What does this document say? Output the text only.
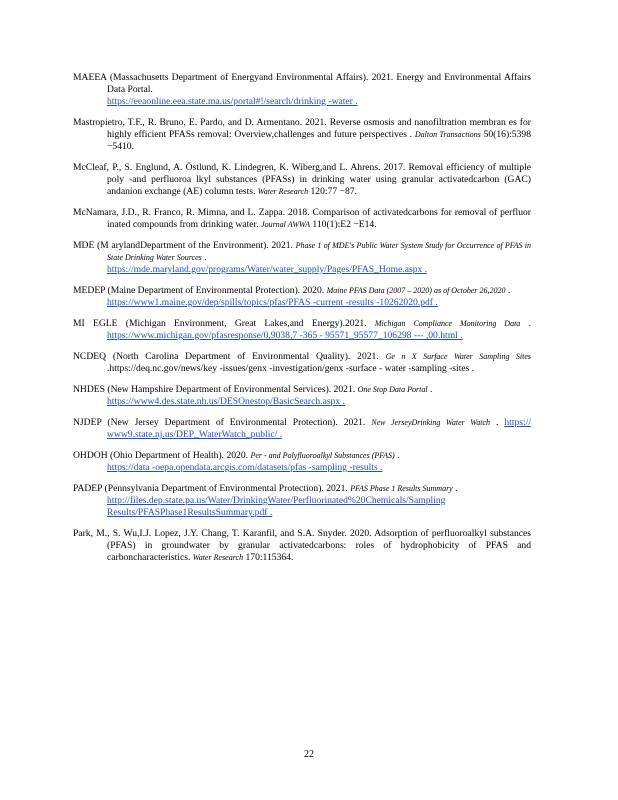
MAEEA (Massachusetts Department of Energyand Environmental Affairs). 2021. Energy and Environmental Affairs Data Portal.
https://eeaonline.eea.state.ma.us/portal#!/search/drinking -water .
Mastropietro, T.F., R. Bruno, E. Pardo, and D. Armentano. 2021. Reverse osmosis and nanofiltration membran es for highly efficient PFASs removal: Overview,challenges and future perspectives . Dalton Transactions 50(16):5398 −5410.
McCleaf, P., S. Englund, A. Östlund, K. Lindegren, K. Wiberg,and L. Ahrens. 2017. Removal efficiency of multiple poly -and perfluoroa lkyl substances (PFASs) in drinking water using granular activatedcarbon (GAC) andanion exchange (AE) column tests. Water Research 120:77 −87.
McNamara, J.D., R. Franco, R. Mimna, and L. Zappa. 2018. Comparison of activatedcarbons for removal of perfluor inated compounds from drinking water. Journal AWWA 110(1):E2 −E14.
MDE (M arylandDepartment of the Environment). 2021. Phase 1 of MDE's Public Water System Study for Occurrence of PFAS in State Drinking Water Sources .
https://mde.maryland.gov/programs/Water/water_supply/Pages/PFAS_Home.aspx .
MEDEP (Maine Department of Environmental Protection). 2020. Maine PFAS Data (2007 – 2020) as of October 26,2020 .
https://www1.maine.gov/dep/spills/topics/pfas/PFAS -current -results -10262020.pdf .
MI EGLE (Michigan Environment, Great Lakes,and Energy).2021. Michigan Compliance Monitoring Data . https://www.michigan.gov/pfasresponse/0,9038,7 -365 - 95571_95577_106298 --- ,00.html .
NCDEQ (North Carolina Department of Environmental Quality). 2021. Ge n X Surface Water Sampling Sites .https://deq.nc.gov/news/key -issues/genx -investigation/genx -surface - water -sampling -sites .
NHDES (New Hampshire Department of Environmental Services). 2021. One Stop Data Portal .
https://www4.des.state.nh.us/DESOnestop/BasicSearch.aspx .
NJDEP (New Jersey Department of Environmental Protection). 2021. New JerseyDrinking Water Watch . https:// www9.state.nj.us/DEP_WaterWatch_public/ .
OHDOH (Ohio Department of Health). 2020. Per - and Polyfluoroalkyl Substances (PFAS) .
https://data -oepa.opendata.arcgis.com/datasets/pfas -sampling -results .
PADEP (Pennsylvania Department of Environmental Protection). 2021. PFAS Phase 1 Results Summary .
http://files.dep.state.pa.us/Water/DrinkingWater/Perfluorinated%20Chemicals/Sampling Results/PFASPhase1ResultsSummary.pdf .
Park, M., S. Wu,I.J. Lopez, J.Y. Chang, T. Karanfil, and S.A. Snyder. 2020. Adsorption of perfluoroalkyl substances (PFAS) in groundwater by granular activatedcarbons: roles of hydrophobicity of PFAS and carboncharacteristics. Water Research 170:115364.
22
